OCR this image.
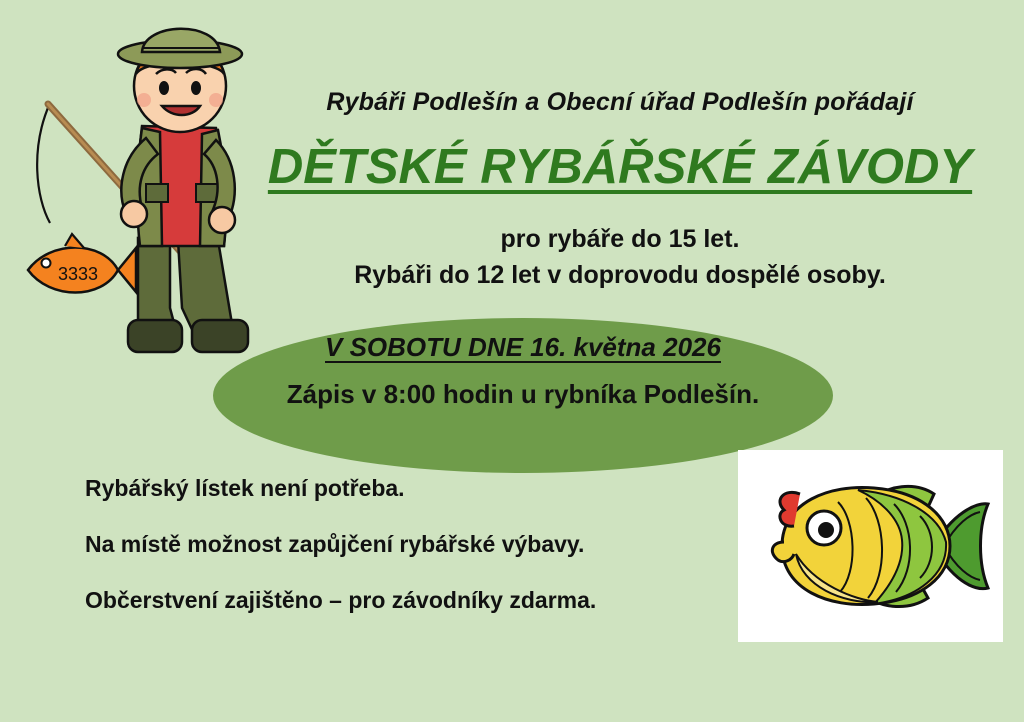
3333
Rybáři Podlešín a Obecní úřad Podlešín pořádají
DĚTSKÉ RYBÁŘSKÉ ZÁVODY
pro rybáře do 15 let.
Rybáři do 12 let v doprovodu dospělé osoby.
V SOBOTU DNE 16. května 2026
Zápis v 8:00 hodin u rybníka Podlešín.
Rybářský lístek není potřeba.
Na místě možnost zapůjčení rybářské výbavy.
Občerstvení zajištěno – pro závodníky zdarma.
